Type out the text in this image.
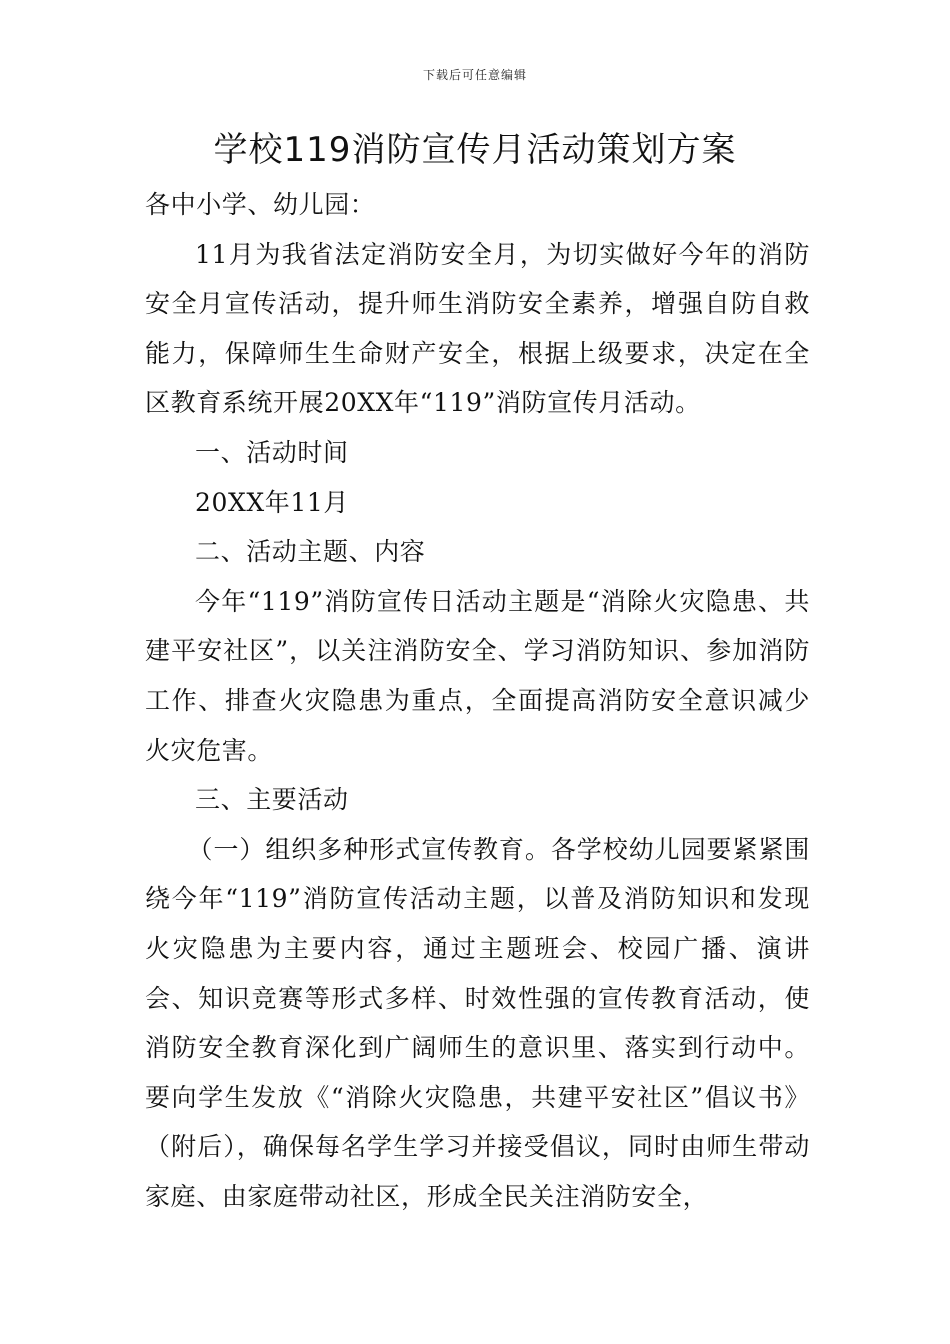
下载后可任意编辑
学校119消防宣传月活动策划方案

各中小学、幼儿园：

11月为我省法定消防安全月，为切实做好今年的消防安全月宣传活动，提升师生消防安全素养，增强自防自救能力，保障师生生命财产安全，根据上级要求，决定在全区教育系统开展20XX年“119”消防宣传月活动。

一、活动时间

20XX年11月

二、活动主题、内容

今年“119”消防宣传日活动主题是“消除火灾隐患、共建平安社区”，以关注消防安全、学习消防知识、参加消防工作、排查火灾隐患为重点，全面提高消防安全意识减少火灾危害。

三、主要活动

（一）组织多种形式宣传教育。各学校幼儿园要紧紧围绕今年“119”消防宣传活动主题，以普及消防知识和发现火灾隐患为主要内容，通过主题班会、校园广播、演讲会、知识竞赛等形式多样、时效性强的宣传教育活动，使消防安全教育深化到广阔师生的意识里、落实到行动中。要向学生发放《“消除火灾隐患，共建平安社区”倡议书》（附后），确保每名学生学习并接受倡议，同时由师生带动家庭、由家庭带动社区，形成全民关注消防安全，
